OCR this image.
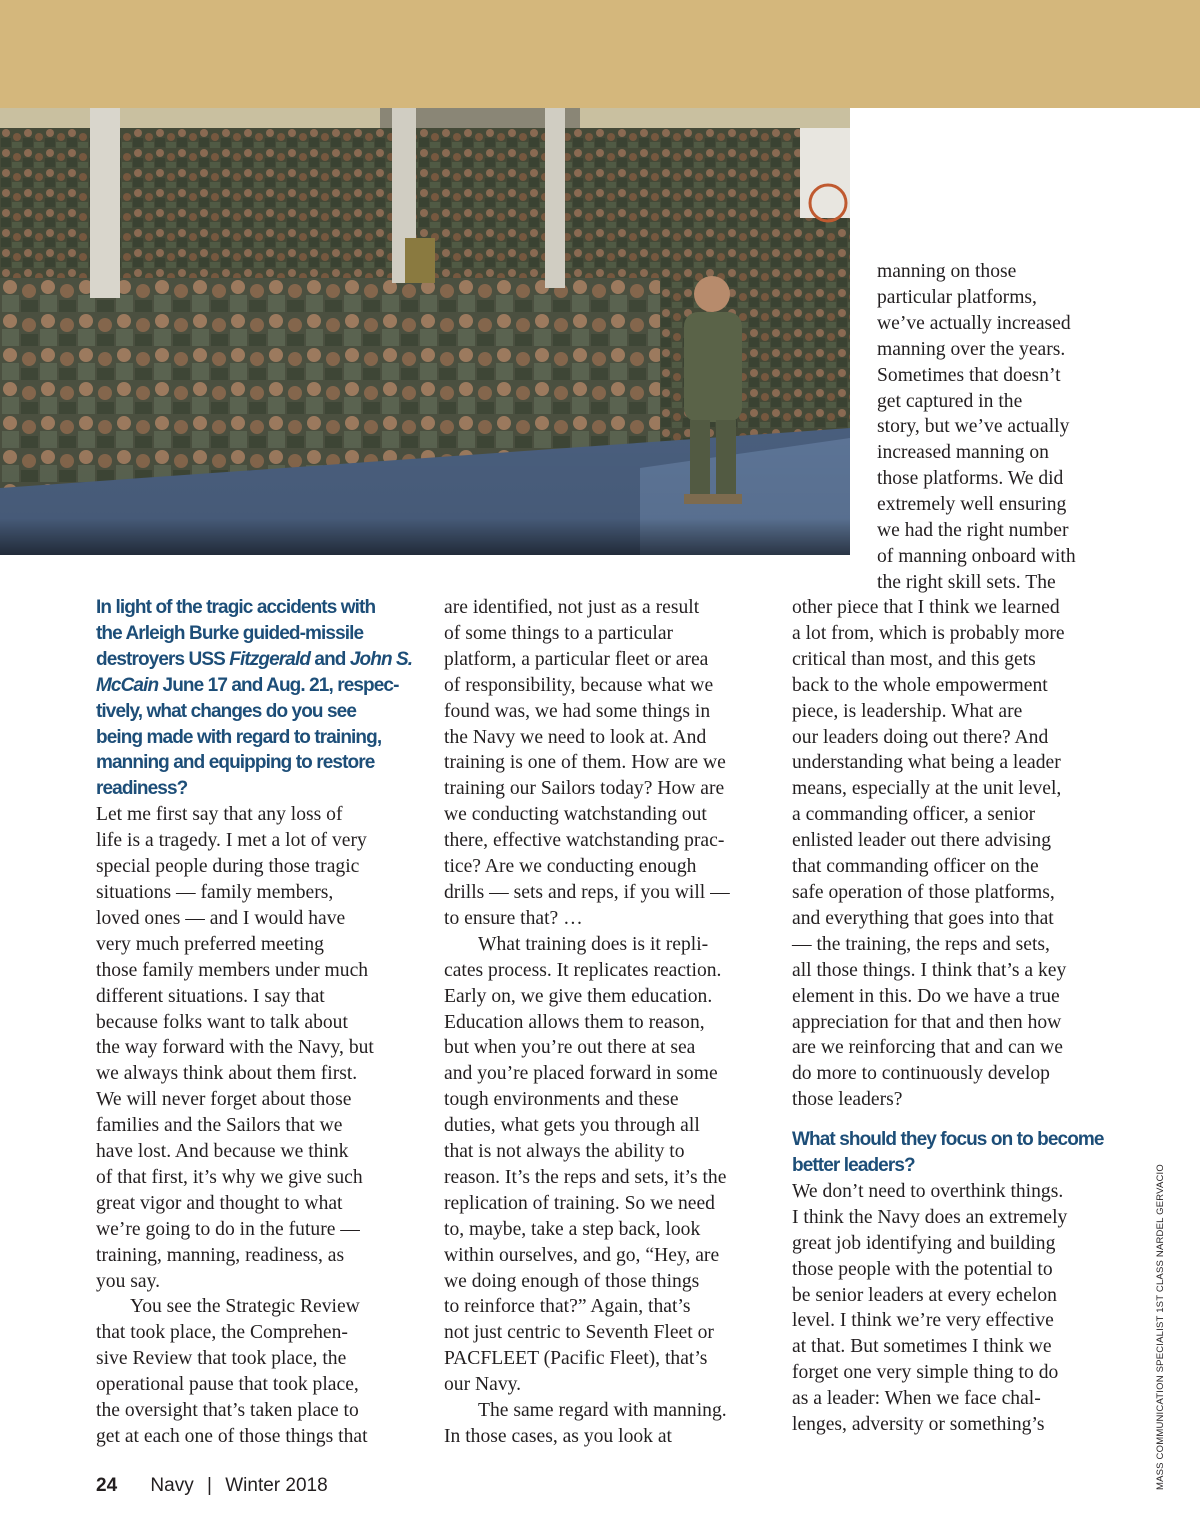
MASS COMMUNICATION SPECIALIST 1ST CLASS NARDEL GERVACIO

In light of the tragic accidents with

the Arleigh Burke guided-missile

destroyers USS Fitzgerald and John S.

McCain June 17 and Aug. 21, respec-

tively, what changes do you see

being made with regard to training,

manning and equipping to restore

readiness?

Let me first say that any loss of

life is a tragedy. I met a lot of very

special people during those tragic

situations — family members,

loved ones — and I would have

very much preferred meeting

those family members under much

different situations. I say that

because folks want to talk about

the way forward with the Navy, but

we always think about them first.

We will never forget about those

families and the Sailors that we

have lost. And because we think

of that first, it’s why we give such

great vigor and thought to what

we’re going to do in the future —

training, manning, readiness, as

you say.

You see the Strategic Review

that took place, the Comprehen-

sive Review that took place, the

operational pause that took place,

the oversight that’s taken place to

get at each one of those things that

are identified, not just as a result

of some things to a particular

platform, a particular fleet or area

of responsibility, because what we

found was, we had some things in

the Navy we need to look at. And

training is one of them. How are we

training our Sailors today? How are

we conducting watchstanding out

there, effective watchstanding prac-

tice? Are we conducting enough

drills — sets and reps, if you will —

to ensure that? …

What training does is it repli-

cates process. It replicates reaction.

Early on, we give them education.

Education allows them to reason,

but when you’re out there at sea

and you’re placed forward in some

tough environments and these

duties, what gets you through all

that is not always the ability to

reason. It’s the reps and sets, it’s the

replication of training. So we need

to, maybe, take a step back, look

within ourselves, and go, “Hey, are

we doing enough of those things

to reinforce that?” Again, that’s

not just centric to Seventh Fleet or

PACFLEET (Pacific Fleet), that’s

our Navy.

The same regard with manning.

In those cases, as you look at

manning on those

particular platforms,

we’ve actually increased

manning over the years.

Sometimes that doesn’t

get captured in the

story, but we’ve actually

increased manning on

those platforms. We did

extremely well ensuring

we had the right number

of manning onboard with

the right skill sets. The

other piece that I think we learned

a lot from, which is probably more

critical than most, and this gets

back to the whole empowerment

piece, is leadership. What are

our leaders doing out there? And

understanding what being a leader

means, especially at the unit level,

a commanding officer, a senior

enlisted leader out there advising

that commanding officer on the

safe operation of those platforms,

and everything that goes into that

— the training, the reps and sets,

all those things. I think that’s a key

element in this. Do we have a true

appreciation for that and then how

are we reinforcing that and can we

do more to continuously develop

those leaders?

What should they focus on to become

better leaders?

We don’t need to overthink things.

I think the Navy does an extremely

great job identifying and building

those people with the potential to

be senior leaders at every echelon

level. I think we’re very effective

at that. But sometimes I think we

forget one very simple thing to do

as a leader: When we face chal-

lenges, adversity or something’s

24 Navy | Winter 2018
